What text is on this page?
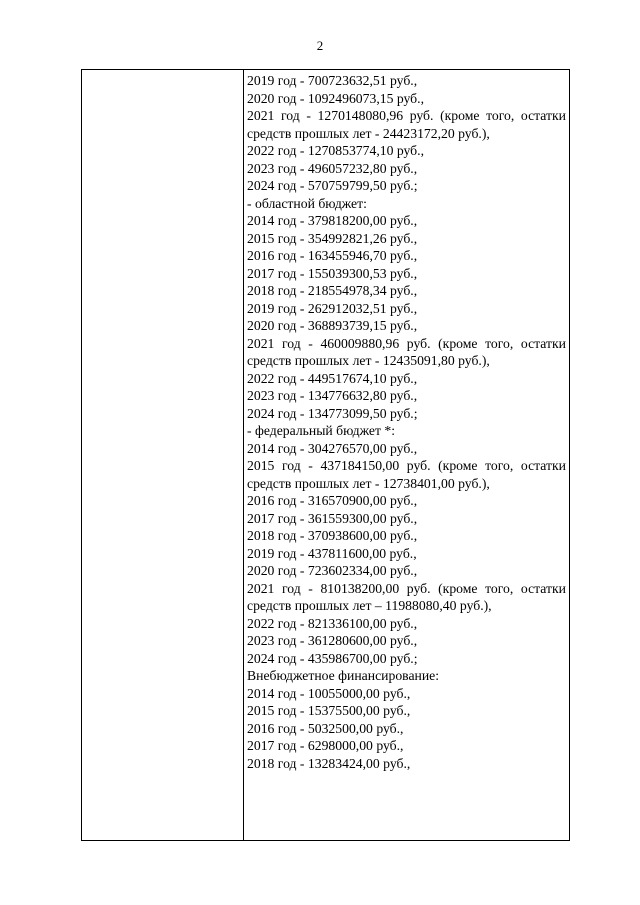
2
2019 год - 700723632,51 руб.,
2020 год - 1092496073,15 руб.,
2021 год - 1270148080,96 руб. (кроме того, остатки средств прошлых лет - 24423172,20 руб.),
2022 год - 1270853774,10 руб.,
2023 год - 496057232,80 руб.,
2024 год - 570759799,50 руб.;
- областной бюджет:
2014 год - 379818200,00 руб.,
2015 год - 354992821,26 руб.,
2016 год - 163455946,70 руб.,
2017 год - 155039300,53 руб.,
2018 год - 218554978,34 руб.,
2019 год - 262912032,51 руб.,
2020 год - 368893739,15 руб.,
2021 год - 460009880,96 руб. (кроме того, остатки средств прошлых лет - 12435091,80 руб.),
2022 год - 449517674,10 руб.,
2023 год - 134776632,80 руб.,
2024 год - 134773099,50 руб.;
- федеральный бюджет *:
2014 год - 304276570,00 руб.,
2015 год - 437184150,00 руб. (кроме того, остатки средств прошлых лет - 12738401,00 руб.),
2016 год - 316570900,00 руб.,
2017 год - 361559300,00 руб.,
2018 год - 370938600,00 руб.,
2019 год - 437811600,00 руб.,
2020 год - 723602334,00 руб.,
2021 год - 810138200,00 руб. (кроме того, остатки средств прошлых лет – 11988080,40 руб.),
2022 год - 821336100,00 руб.,
2023 год - 361280600,00 руб.,
2024 год - 435986700,00 руб.;
Внебюджетное финансирование:
2014 год - 10055000,00 руб.,
2015 год - 15375500,00 руб.,
2016 год - 5032500,00 руб.,
2017 год - 6298000,00 руб.,
2018 год - 13283424,00 руб.,
